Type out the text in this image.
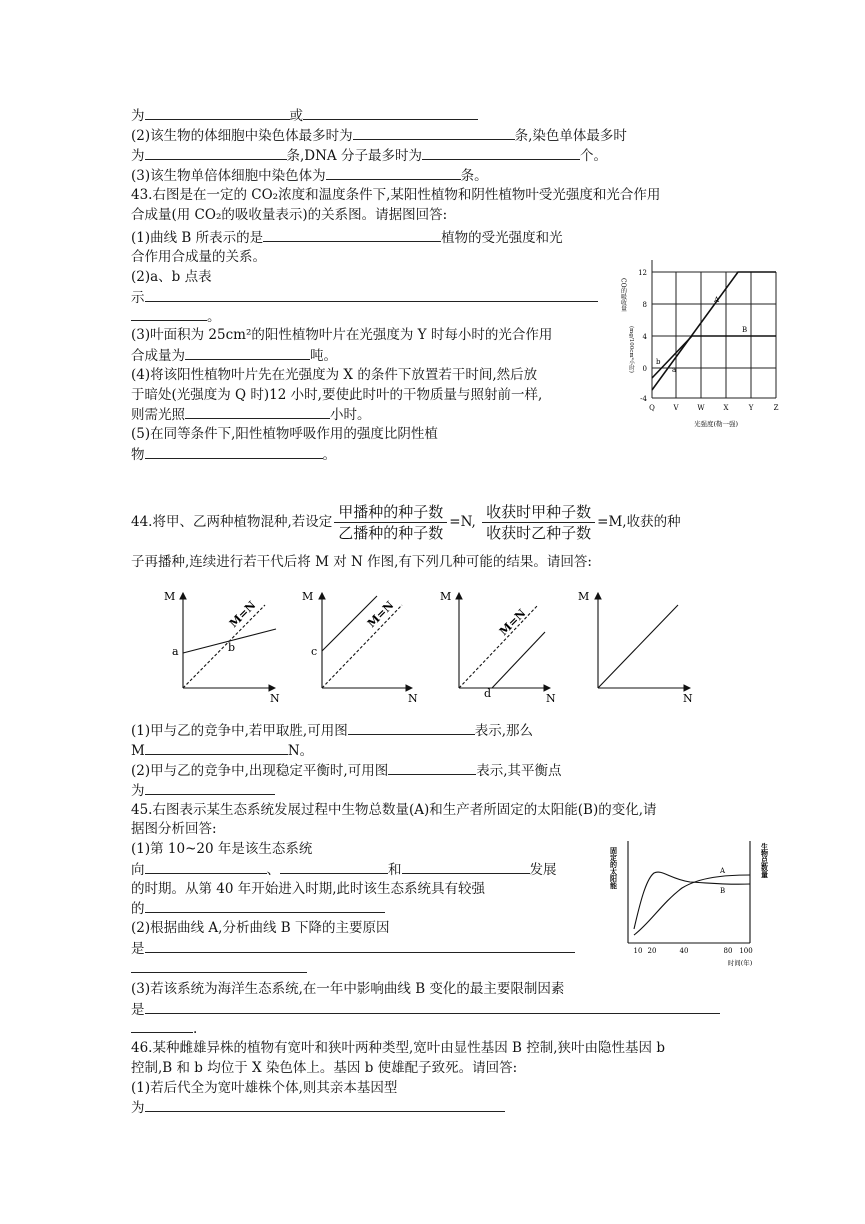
为	或
(2)该生物的体细胞中染色体最多时为	条,染色单体最多时
为	条,DNA 分子最多时为	个。
(3)该生物单倍体细胞中染色体为	条。
43.右图是在一定的 CO₂浓度和温度条件下,某阳性植物和阴性植物叶受光强度和光合作用
合成量(用 CO₂的吸收量表示)的关系图。请据图回答:
(1)曲线 B 所表示的是	植物的受光强度和光
合作用合成量的关系。
(2)a、b 点表
示
。
(3)叶面积为 25cm²的阳性植物叶片在光强度为 Y 时每小时的光合作用
合成量为	吨。
(4)将该阳性植物叶片先在光强度为 X 的条件下放置若干时间,然后放
于暗处(光强度为 Q 时)12 小时,要使此时叶的干物质量与照射前一样,
则需光照	小时。
(5)在同等条件下,阳性植物呼吸作用的强度比阴性植
物	。
A
B
b
a
12
8
4
0
-4
Q	V	W	X	Y	Z
光强度(勒一强)
CO的吸收量
(mg/100cm²小时)
44.将甲、乙两种植物混种,若设定 $\frac{\text{甲播种的种子数}}{\text{乙播种的种子数}} =N$, $\frac{\text{收获时甲种子数}}{\text{收获时乙种子数}} =M$,收获的种
子再播种,连续进行若干代后将 M 对 N 作图,有下列几种可能的结果。请回答:
M
N
M
N
M
N
M
N
a	b	c
d
M=N	M=N	M=N
(1)甲与乙的竞争中,若甲取胜,可用图	表示,那么
M	N。
(2)甲与乙的竞争中,出现稳定平衡时,可用图	表示,其平衡点
为
45.右图表示某生态系统发展过程中生物总数量(A)和生产者所固定的太阳能(B)的变化,请
据图分析回答:
(1)第 10~20 年是该生态系统
向	、	和	发展
的时期。从第 40 年开始进入时期,此时该生态系统具有较强
的
(2)根据曲线 A,分析曲线 B 下降的主要原因
是
(3)若该系统为海洋生态系统,在一年中影响曲线 B 变化的最主要限制因素
是
.
A
B
10 20	40	80 100
时间(年)
固定的太阳能	生物总数量
46.某种雌雄异株的植物有宽叶和狭叶两种类型,宽叶由显性基因 B 控制,狭叶由隐性基因 b
控制,B 和 b 均位于 X 染色体上。基因 b 使雄配子致死。请回答:
(1)若后代全为宽叶雄株个体,则其亲本基因型
为
